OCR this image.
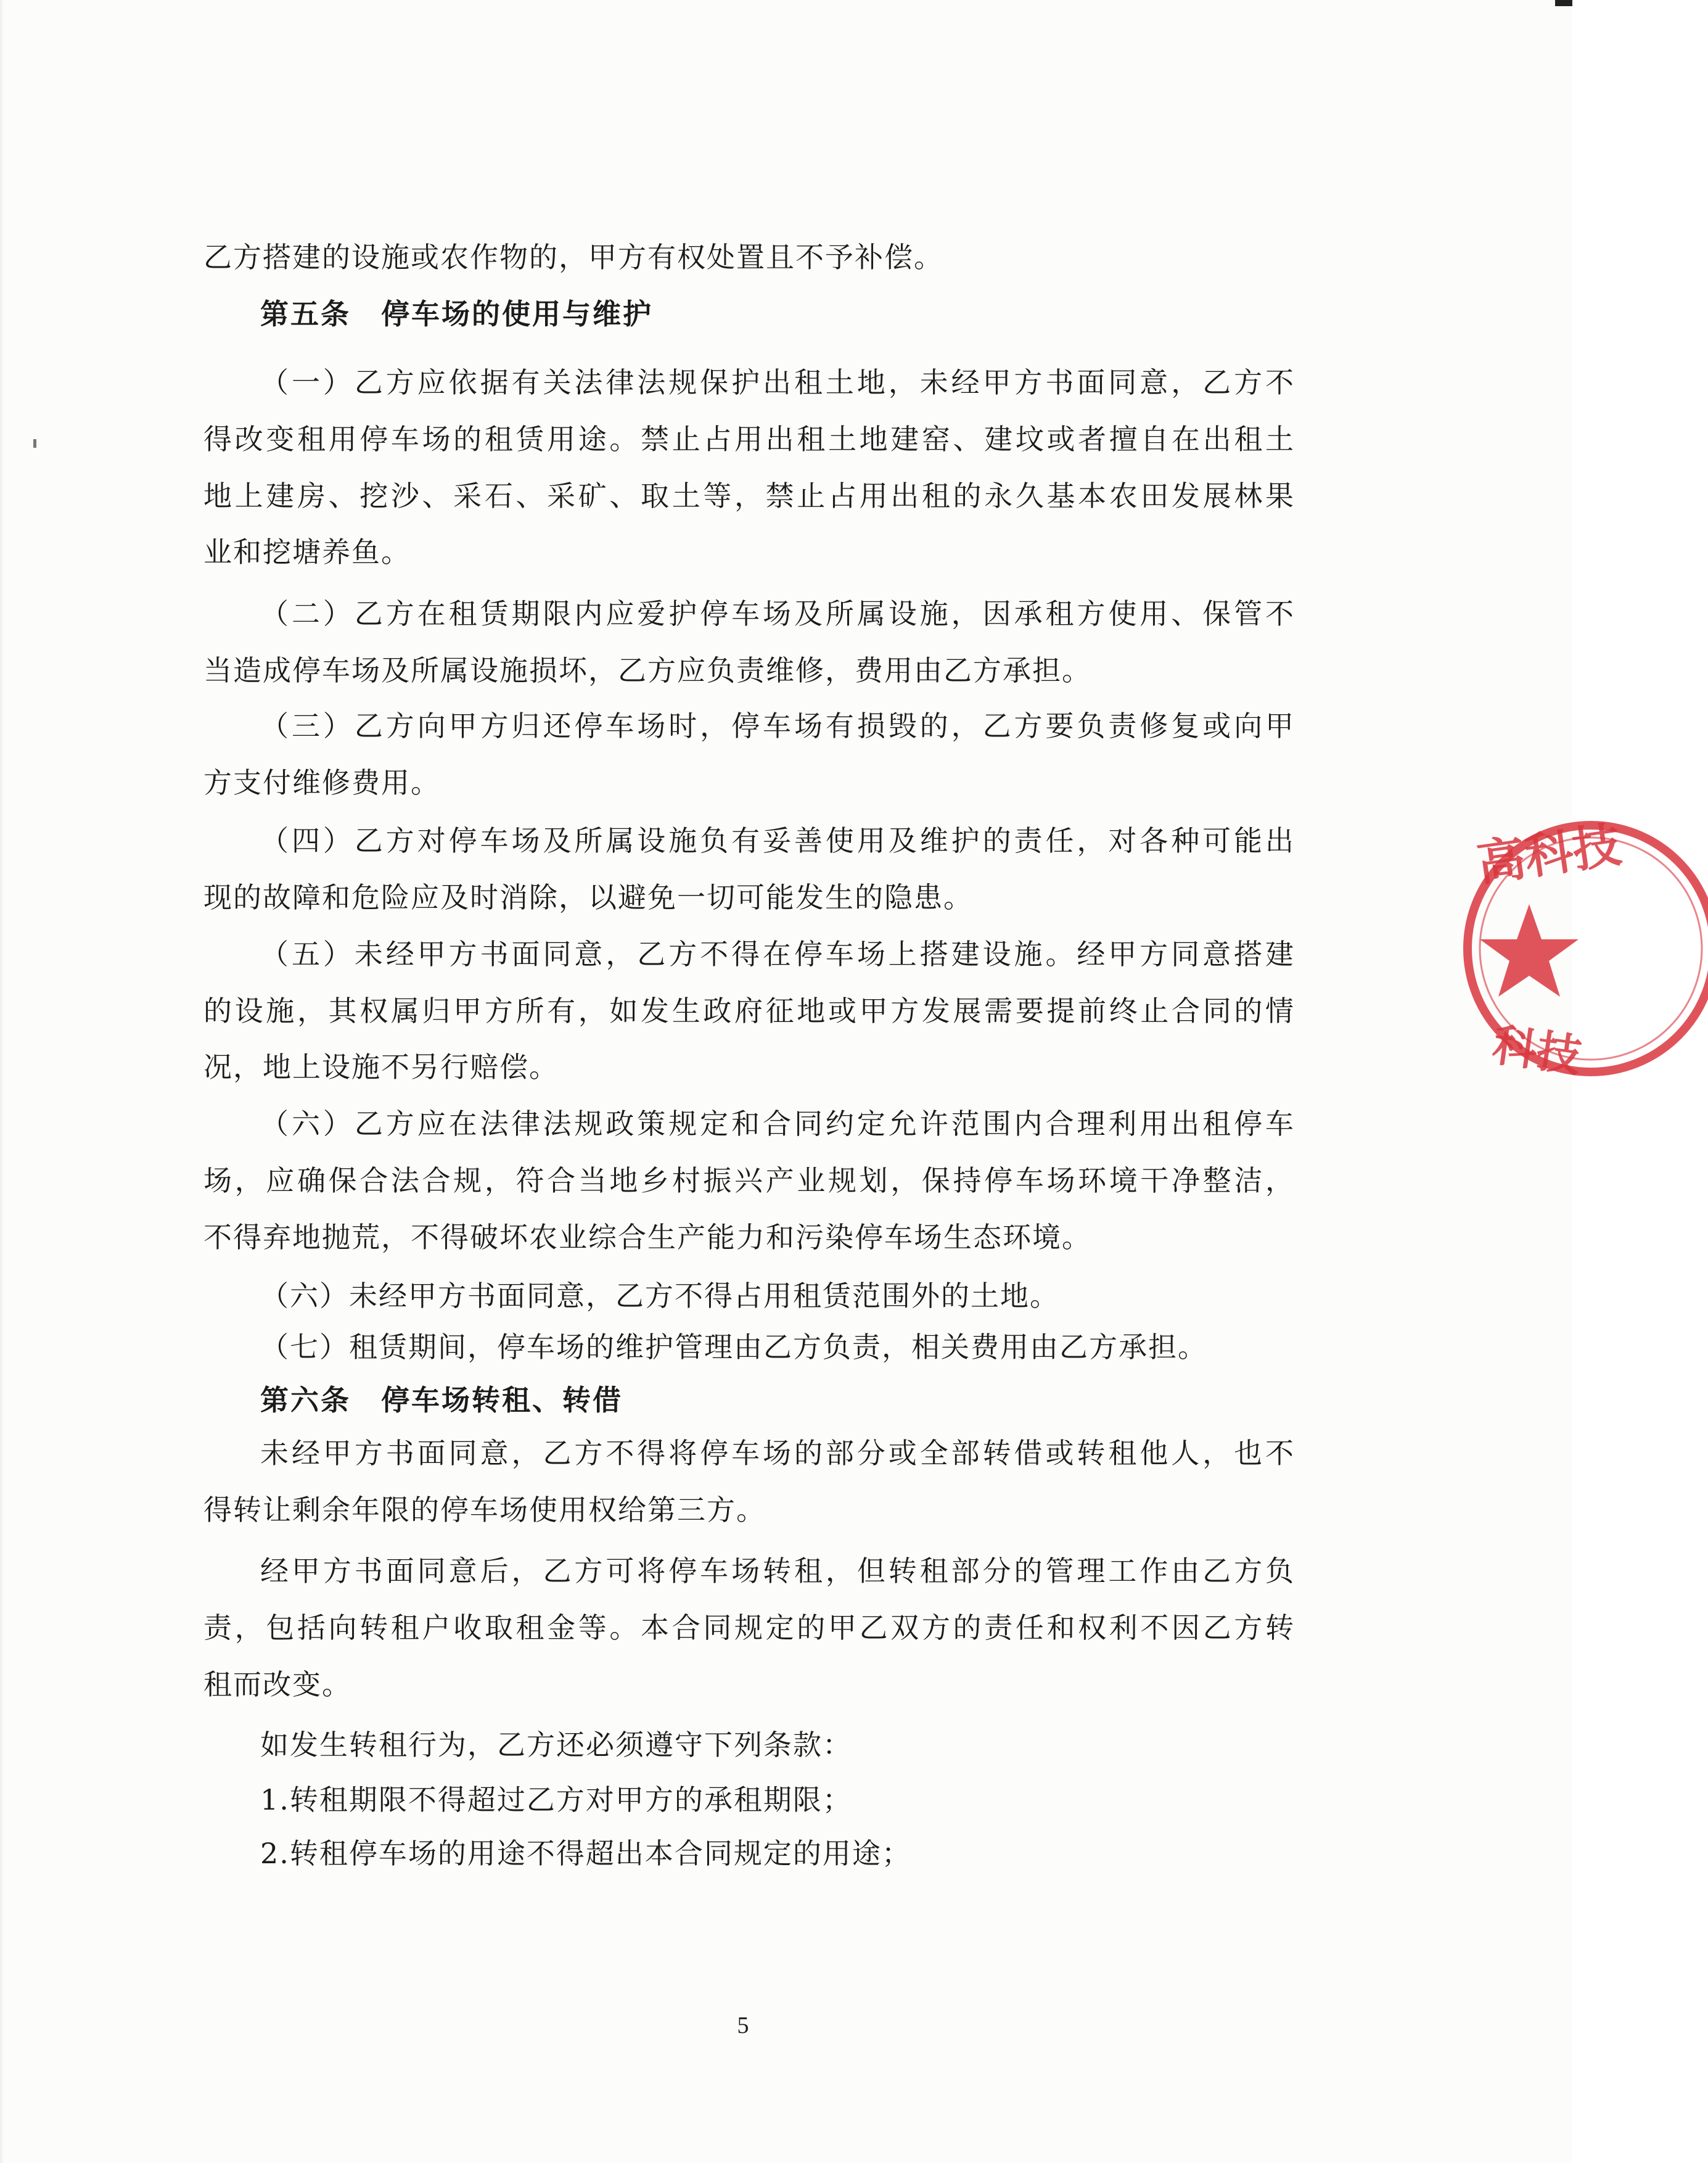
乙方搭建的设施或农作物的，甲方有权处置且不予补偿。
第五条　停车场的使用与维护
（一）乙方应依据有关法律法规保护出租土地，未经甲方书面同意，乙方不
得改变租用停车场的租赁用途。禁止占用出租土地建窑、建坟或者擅自在出租土
地上建房、挖沙、采石、采矿、取土等，禁止占用出租的永久基本农田发展林果
业和挖塘养鱼。
（二）乙方在租赁期限内应爱护停车场及所属设施，因承租方使用、保管不
当造成停车场及所属设施损坏，乙方应负责维修，费用由乙方承担。
（三）乙方向甲方归还停车场时，停车场有损毁的，乙方要负责修复或向甲
方支付维修费用。
（四）乙方对停车场及所属设施负有妥善使用及维护的责任，对各种可能出
现的故障和危险应及时消除，以避免一切可能发生的隐患。
（五）未经甲方书面同意，乙方不得在停车场上搭建设施。经甲方同意搭建
的设施，其权属归甲方所有，如发生政府征地或甲方发展需要提前终止合同的情
况，地上设施不另行赔偿。
（六）乙方应在法律法规政策规定和合同约定允许范围内合理利用出租停车
场，应确保合法合规，符合当地乡村振兴产业规划，保持停车场环境干净整洁，
不得弃地抛荒，不得破坏农业综合生产能力和污染停车场生态环境。
（六）未经甲方书面同意，乙方不得占用租赁范围外的土地。
（七）租赁期间，停车场的维护管理由乙方负责，相关费用由乙方承担。
第六条　停车场转租、转借
未经甲方书面同意，乙方不得将停车场的部分或全部转借或转租他人，也不
得转让剩余年限的停车场使用权给第三方。
经甲方书面同意后，乙方可将停车场转租，但转租部分的管理工作由乙方负
责，包括向转租户收取租金等。本合同规定的甲乙双方的责任和权利不因乙方转
租而改变。
如发生转租行为，乙方还必须遵守下列条款：
1.转租期限不得超过乙方对甲方的承租期限；
2.转租停车场的用途不得超出本合同规定的用途；
5
高科技
科技
